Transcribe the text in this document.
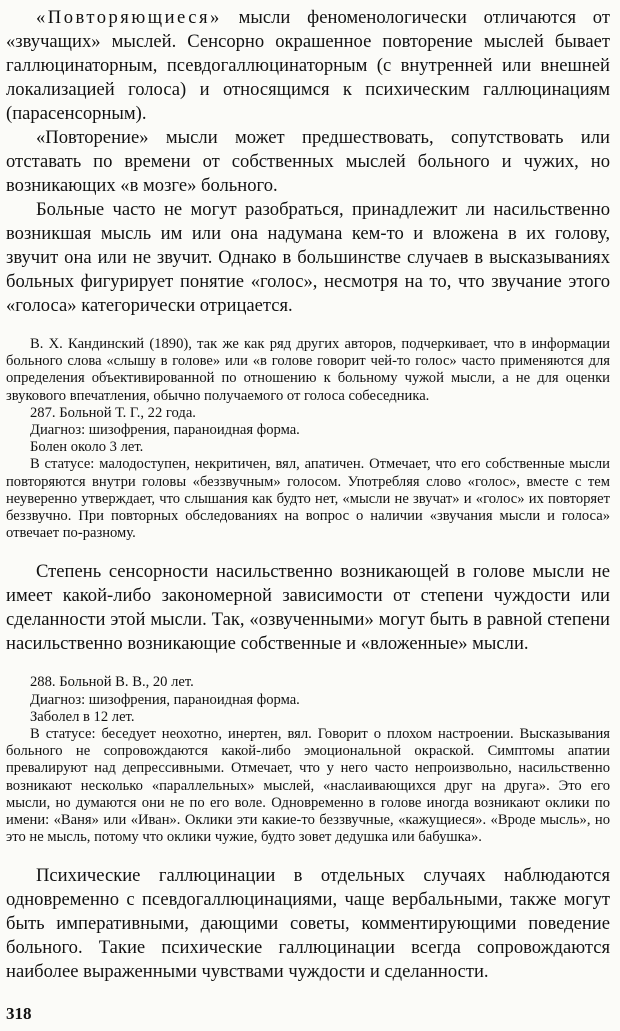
«Повторяющиеся» мысли феноменологически отличаются от «звучащих» мыслей. Сенсорно окрашенное повторение мыслей бывает галлюцинаторным, псевдогаллюцинаторным (с внутренней или внешней локализацией голоса) и относящимся к психическим галлюцинациям (парасенсорным).

«Повторение» мысли может предшествовать, сопутствовать или отставать по времени от собственных мыслей больного и чужих, но возникающих «в мозге» больного.

Больные часто не могут разобраться, принадлежит ли насильственно возникшая мысль им или она надумана кем-то и вложена в их голову, звучит она или не звучит. Однако в большинстве случаев в высказываниях больных фигурирует понятие «голос», несмотря на то, что звучание этого «голоса» категорически отрицается.

В. Х. Кандинский (1890), так же как ряд других авторов, подчеркивает, что в информации больного слова «слышу в голове» или «в голове говорит чей-то голос» часто применяются для определения объективированной по отношению к больному чужой мысли, а не для оценки звукового впечатления, обычно получаемого от голоса собеседника.

287. Больной Т. Г., 22 года.

Диагноз: шизофрения, параноидная форма.

Болен около 3 лет.

В статусе: малодоступен, некритичен, вял, апатичен. Отмечает, что его собственные мысли повторяются внутри головы «беззвучным» голосом. Употребляя слово «голос», вместе с тем неуверенно утверждает, что слышания как будто нет, «мысли не звучат» и «голос» их повторяет беззвучно. При повторных обследованиях на вопрос о наличии «звучания мысли и голоса» отвечает по-разному.

Степень сенсорности насильственно возникающей в голове мысли не имеет какой-либо закономерной зависимости от степени чуждости или сделанности этой мысли. Так, «озвученными» могут быть в равной степени насильственно возникающие собственные и «вложенные» мысли.

288. Больной В. В., 20 лет.

Диагноз: шизофрения, параноидная форма.

Заболел в 12 лет.

В статусе: беседует неохотно, инертен, вял. Говорит о плохом настроении. Высказывания больного не сопровождаются какой-либо эмоциональной окраской. Симптомы апатии превалируют над депрессивными. Отмечает, что у него часто непроизвольно, насильственно возникают несколько «параллельных» мыслей, «наслаивающихся друг на друга». Это его мысли, но думаются они не по его воле. Одновременно в голове иногда возникают оклики по имени: «Ваня» или «Иван». Оклики эти какие-то беззвучные, «кажущиеся». «Вроде мысль», но это не мысль, потому что оклики чужие, будто зовет дедушка или бабушка».

Психические галлюцинации в отдельных случаях наблюдаются одновременно с псевдогаллюцинациями, чаще вербальными, также могут быть императивными, дающими советы, комментирующими поведение больного. Такие психические галлюцинации всегда сопровождаются наиболее выраженными чувствами чуждости и сделанности.

318
